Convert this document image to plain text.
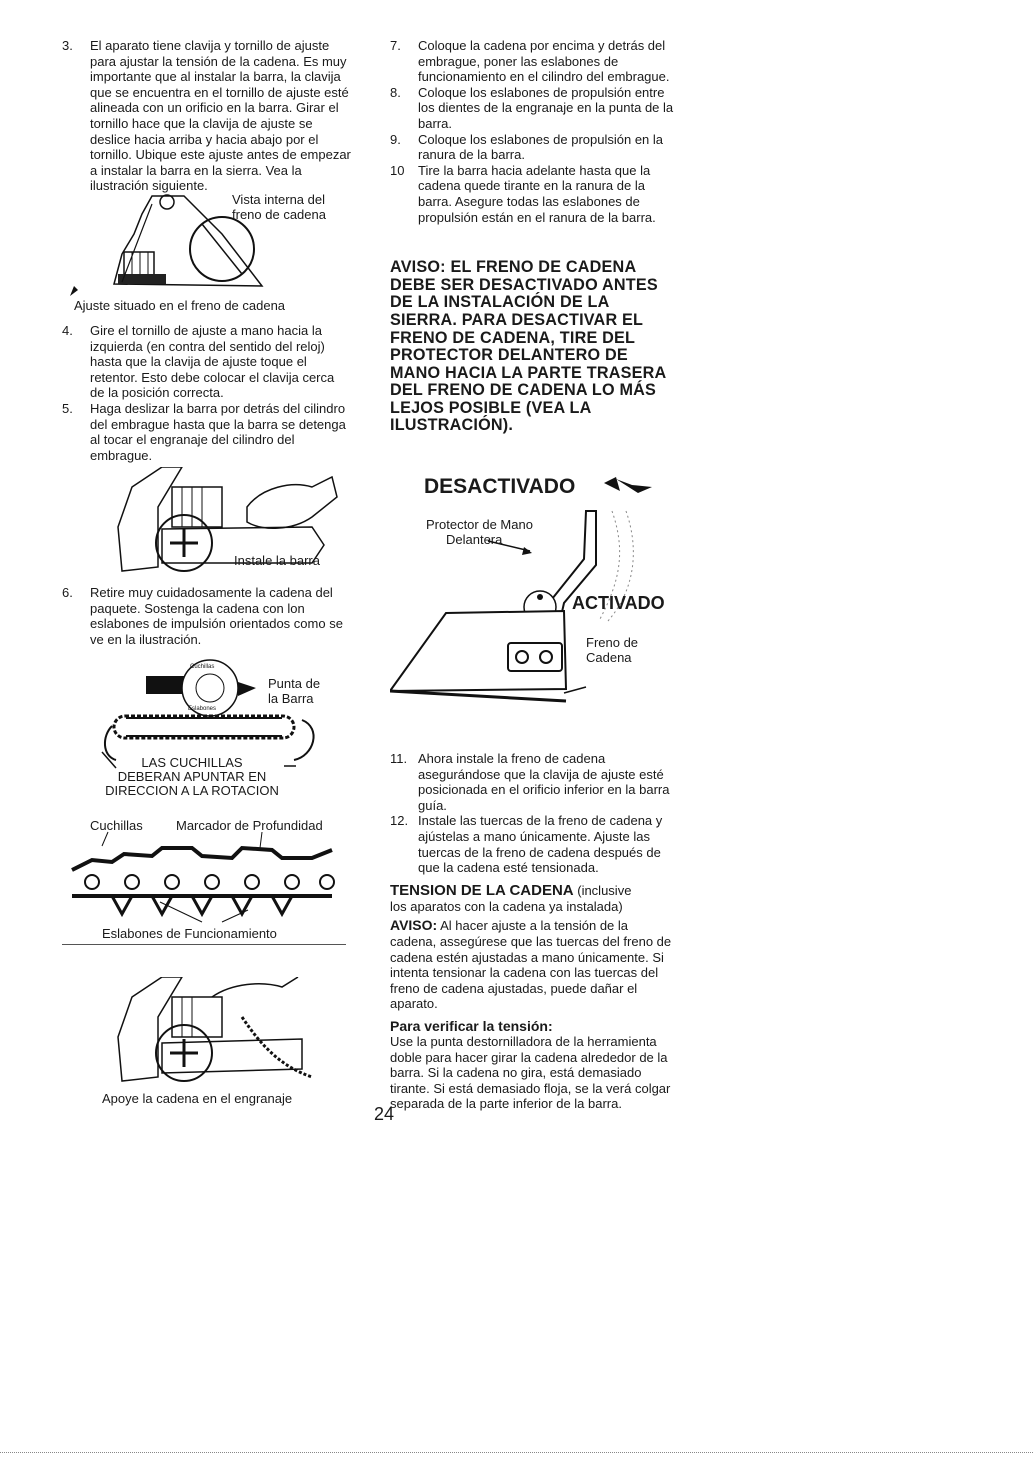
3.	El aparato tiene clavija y tornillo de ajuste para ajustar la tensión de la cadena. Es muy importante que al instalar la barra, la clavija que se encuentra en el tornillo de ajuste esté alineada con un orificio en la barra. Girar el tornillo hace que la clavija de ajuste se deslice hacia arriba y hacia abajo por el tornillo. Ubique este ajuste antes de empezar a instalar la barra en la sierra. Vea la ilustración siguiente.
Vista interna del
freno de cadena
Ajuste situado en el freno de cadena
4.	Gire el tornillo de ajuste a mano hacia la izquierda (en contra del sentido del reloj) hasta que la clavija de ajuste toque el retentor. Esto debe colocar el clavija cerca de la posición correcta.
5.	Haga deslizar la barra por detrás del cilindro del embrague hasta que la barra se detenga al tocar el engranaje del cilindro del embrague.
Instale la barra
6.	Retire muy cuidadosamente la cadena del paquete. Sostenga la cadena con lon eslabones de impulsión orientados como se ve en la ilustración.
Cuchillas
Eslabones
Punta de
la Barra
LAS CUCHILLAS
DEBERAN APUNTAR EN
DIRECCION A LA ROTACION
Cuchillas	Marcador de Profundidad
Eslabones de Funcionamiento
Apoye la cadena en el engranaje
7.	Coloque la cadena por encima y detrás del embrague, poner las eslabones de funcionamiento en el cilindro del embrague.
8.	Coloque los eslabones de propulsión entre los dientes de la engranaje en la punta de la barra.
9.	Coloque los eslabones de propulsión en la ranura de la barra.
10	Tire la barra hacia adelante hasta que la cadena quede tirante en la ranura de la barra. Asegure todas las eslabones de propulsión están en el ranura de la barra.

AVISO: EL FRENO DE CADENA DEBE SER DESACTIVADO ANTES DE LA INSTALACIÓN DE LA SIERRA. PARA DESACTIVAR EL FRENO DE CADENA, TIRE DEL PROTECTOR DELANTERO DE MANO HACIA LA PARTE TRASERA DEL FRENO DE CADENA LO MÁS LEJOS POSIBLE (VEA LA ILUSTRACIÓN).

DESACTIVADO
Protector de Mano
Delantera
ACTIVADO
Freno de
Cadena
11. Ahora instale la freno de cadena asegurándose que la clavija de ajuste esté posicionada en el orificio inferior en la barra guía.
12. Instale las tuercas de la freno de cadena y ajústelas a mano únicamente. Ajuste las tuercas de la freno de cadena después de que la cadena esté tensionada.

TENSION DE LA CADENA (inclusive

los aparatos con la cadena ya instalada)

AVISO: Al hacer ajuste a la tensión de la cadena, assegúrese que las tuercas del freno de cadena estén ajustadas a mano únicamente. Si intenta tensionar la cadena con las tuercas del freno de cadena ajustadas, puede dañar el aparato.

Para verificar la tensión:

Use la punta destornilladora de la herramienta doble para hacer girar la cadena alrededor de la barra. Si la cadena no gira, está demasiado tirante. Si está demasiado floja, se la verá colgar separada de la parte inferior de la barra.

24
